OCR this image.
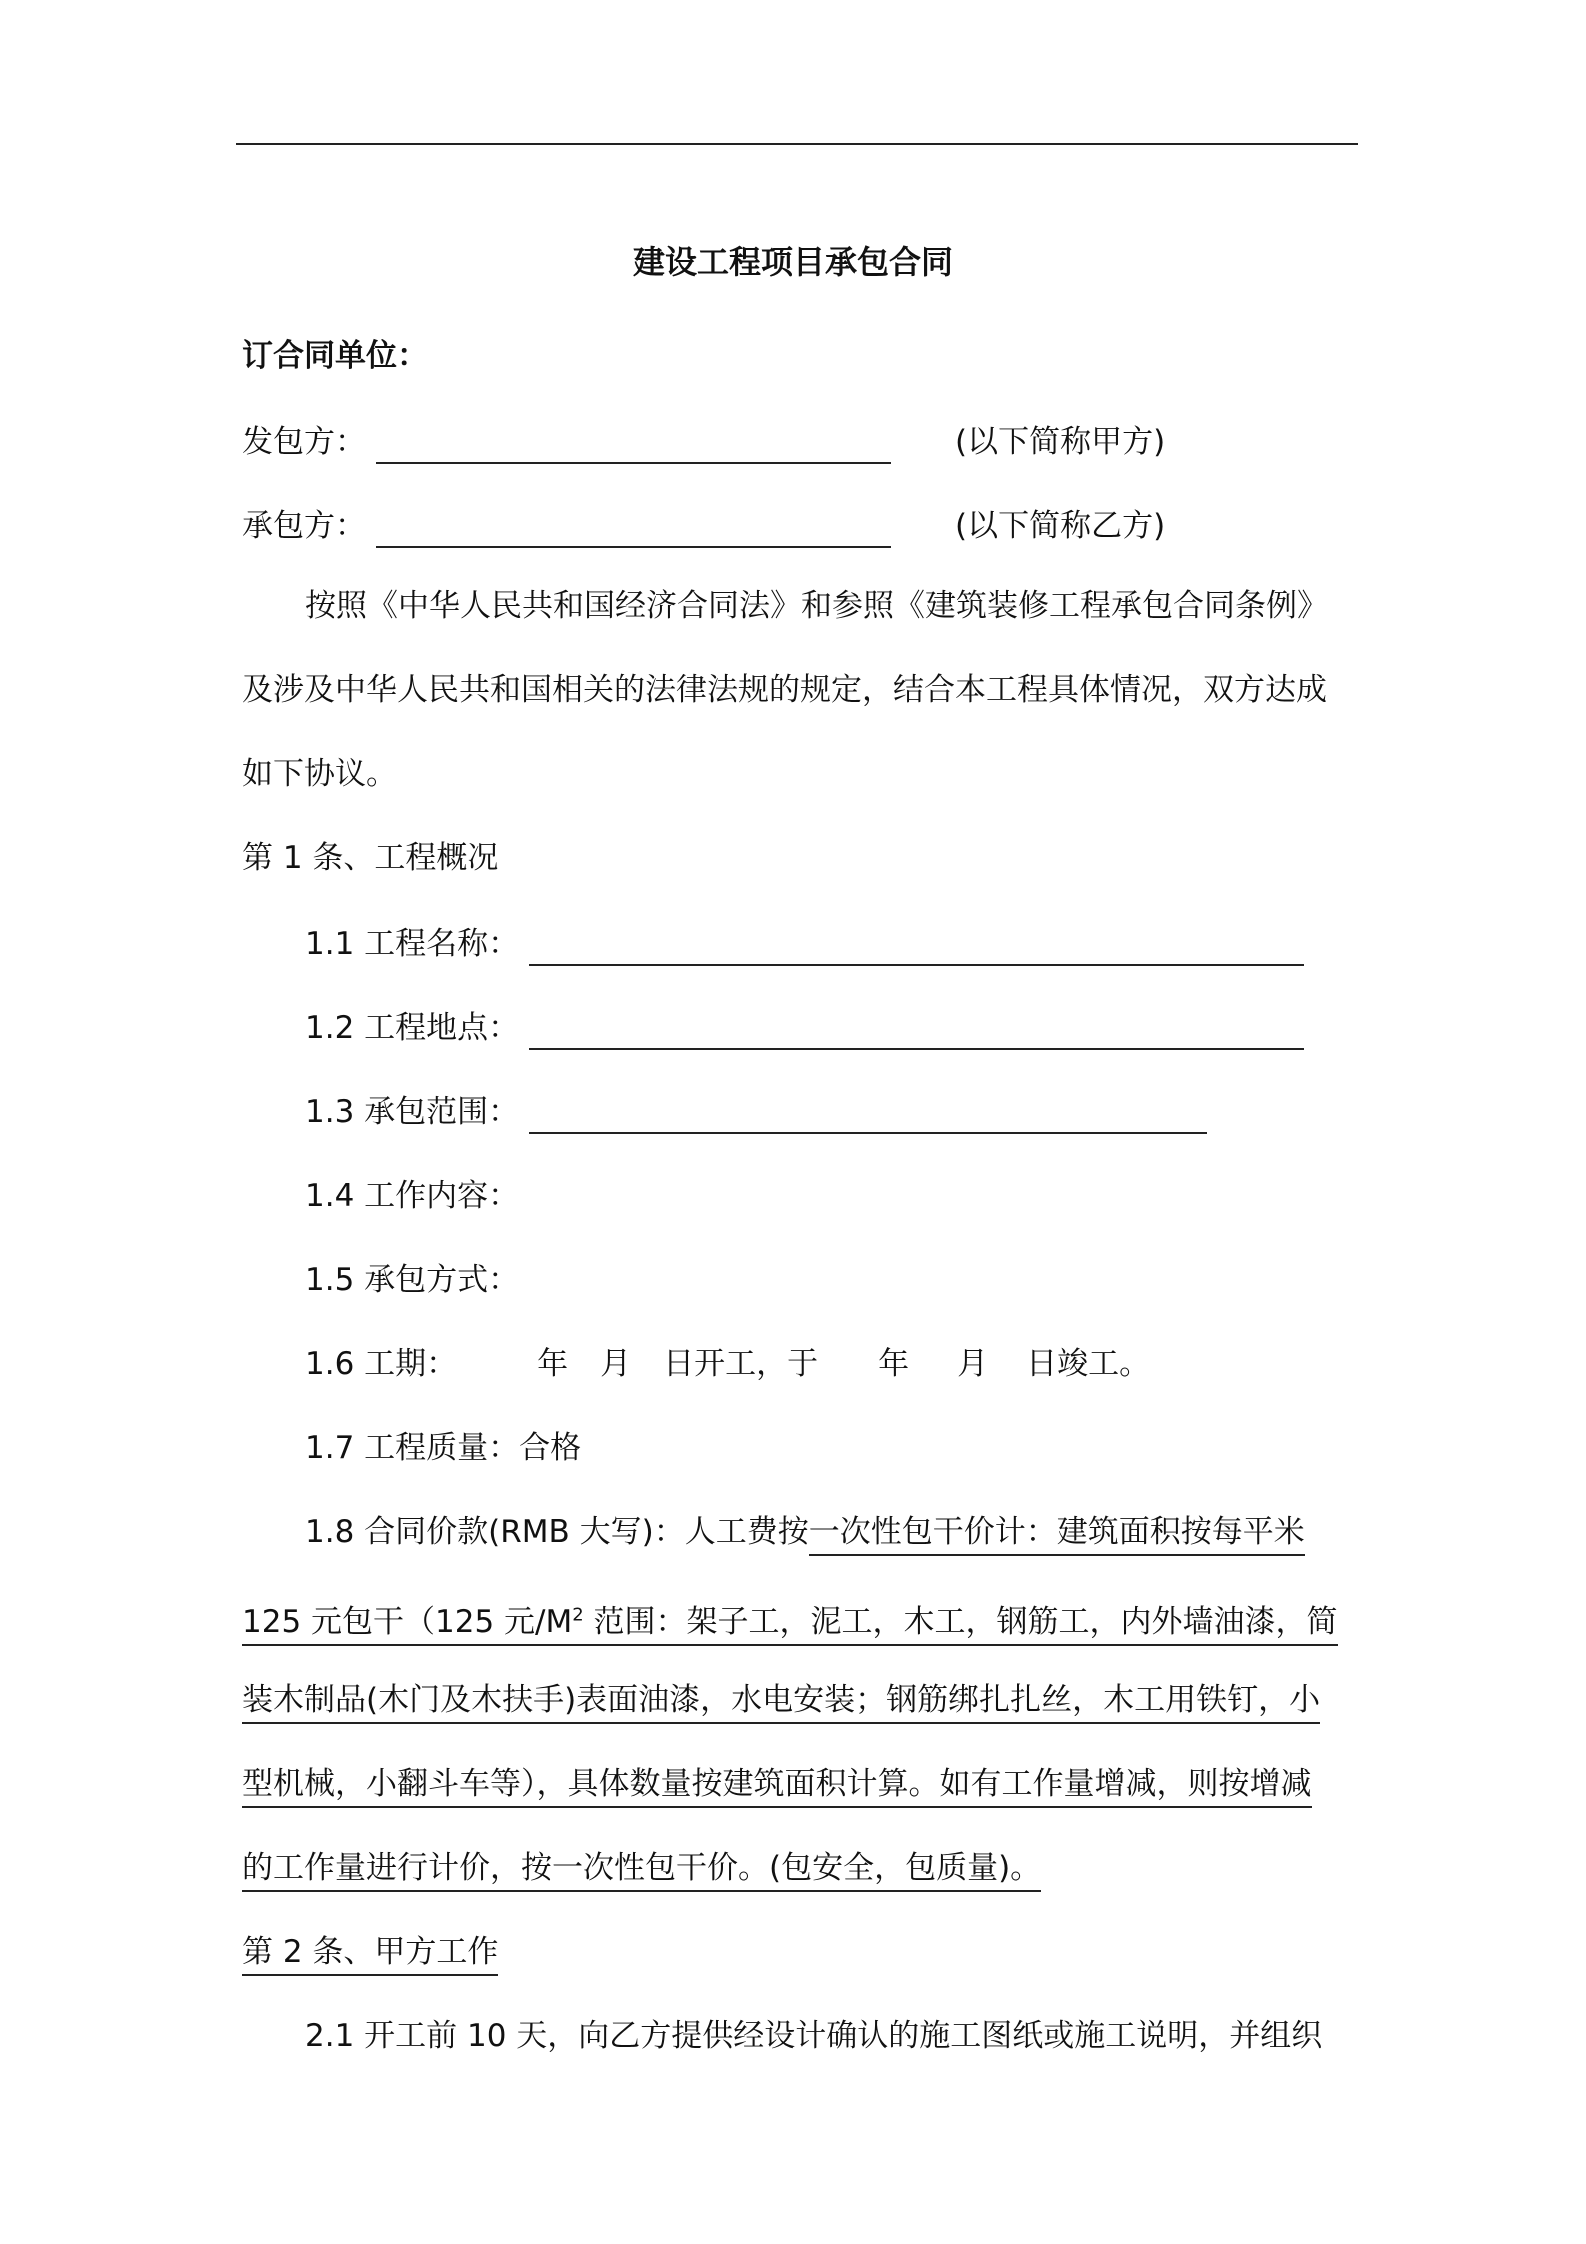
建设工程项目承包合同
订合同单位：
发包方：	(以下简称甲方)
承包方：	(以下简称乙方)
按照《中华人民共和国经济合同法》和参照《建筑装修工程承包合同条例》
及涉及中华人民共和国相关的法律法规的规定，结合本工程具体情况，双方达成
如下协议。
第 1 条、工程概况
1.1 工程名称：
1.2 工程地点：
1.3 承包范围：
1.4 工作内容：
1.5 承包方式：
1.6 工期：	年 月 日开工，于 年 月 日竣工。
1.7 工程质量：合格
1.8 合同价款(RMB 大写)：人工费按一次性包干价计：建筑面积按每平米
125 元包干（125 元$/M^2$ 范围：架子工，泥工，木工，钢筋工，内外墙油漆，简
装木制品(木门及木扶手)表面油漆，水电安装；钢筋绑扎扎丝，木工用铁钉，小
型机械，小翻斗车等），具体数量按建筑面积计算。如有工作量增减，则按增减
的工作量进行计价，按一次性包干价。(包安全，包质量)。
第 2 条、甲方工作
2.1 开工前 10 天，向乙方提供经设计确认的施工图纸或施工说明，并组织
